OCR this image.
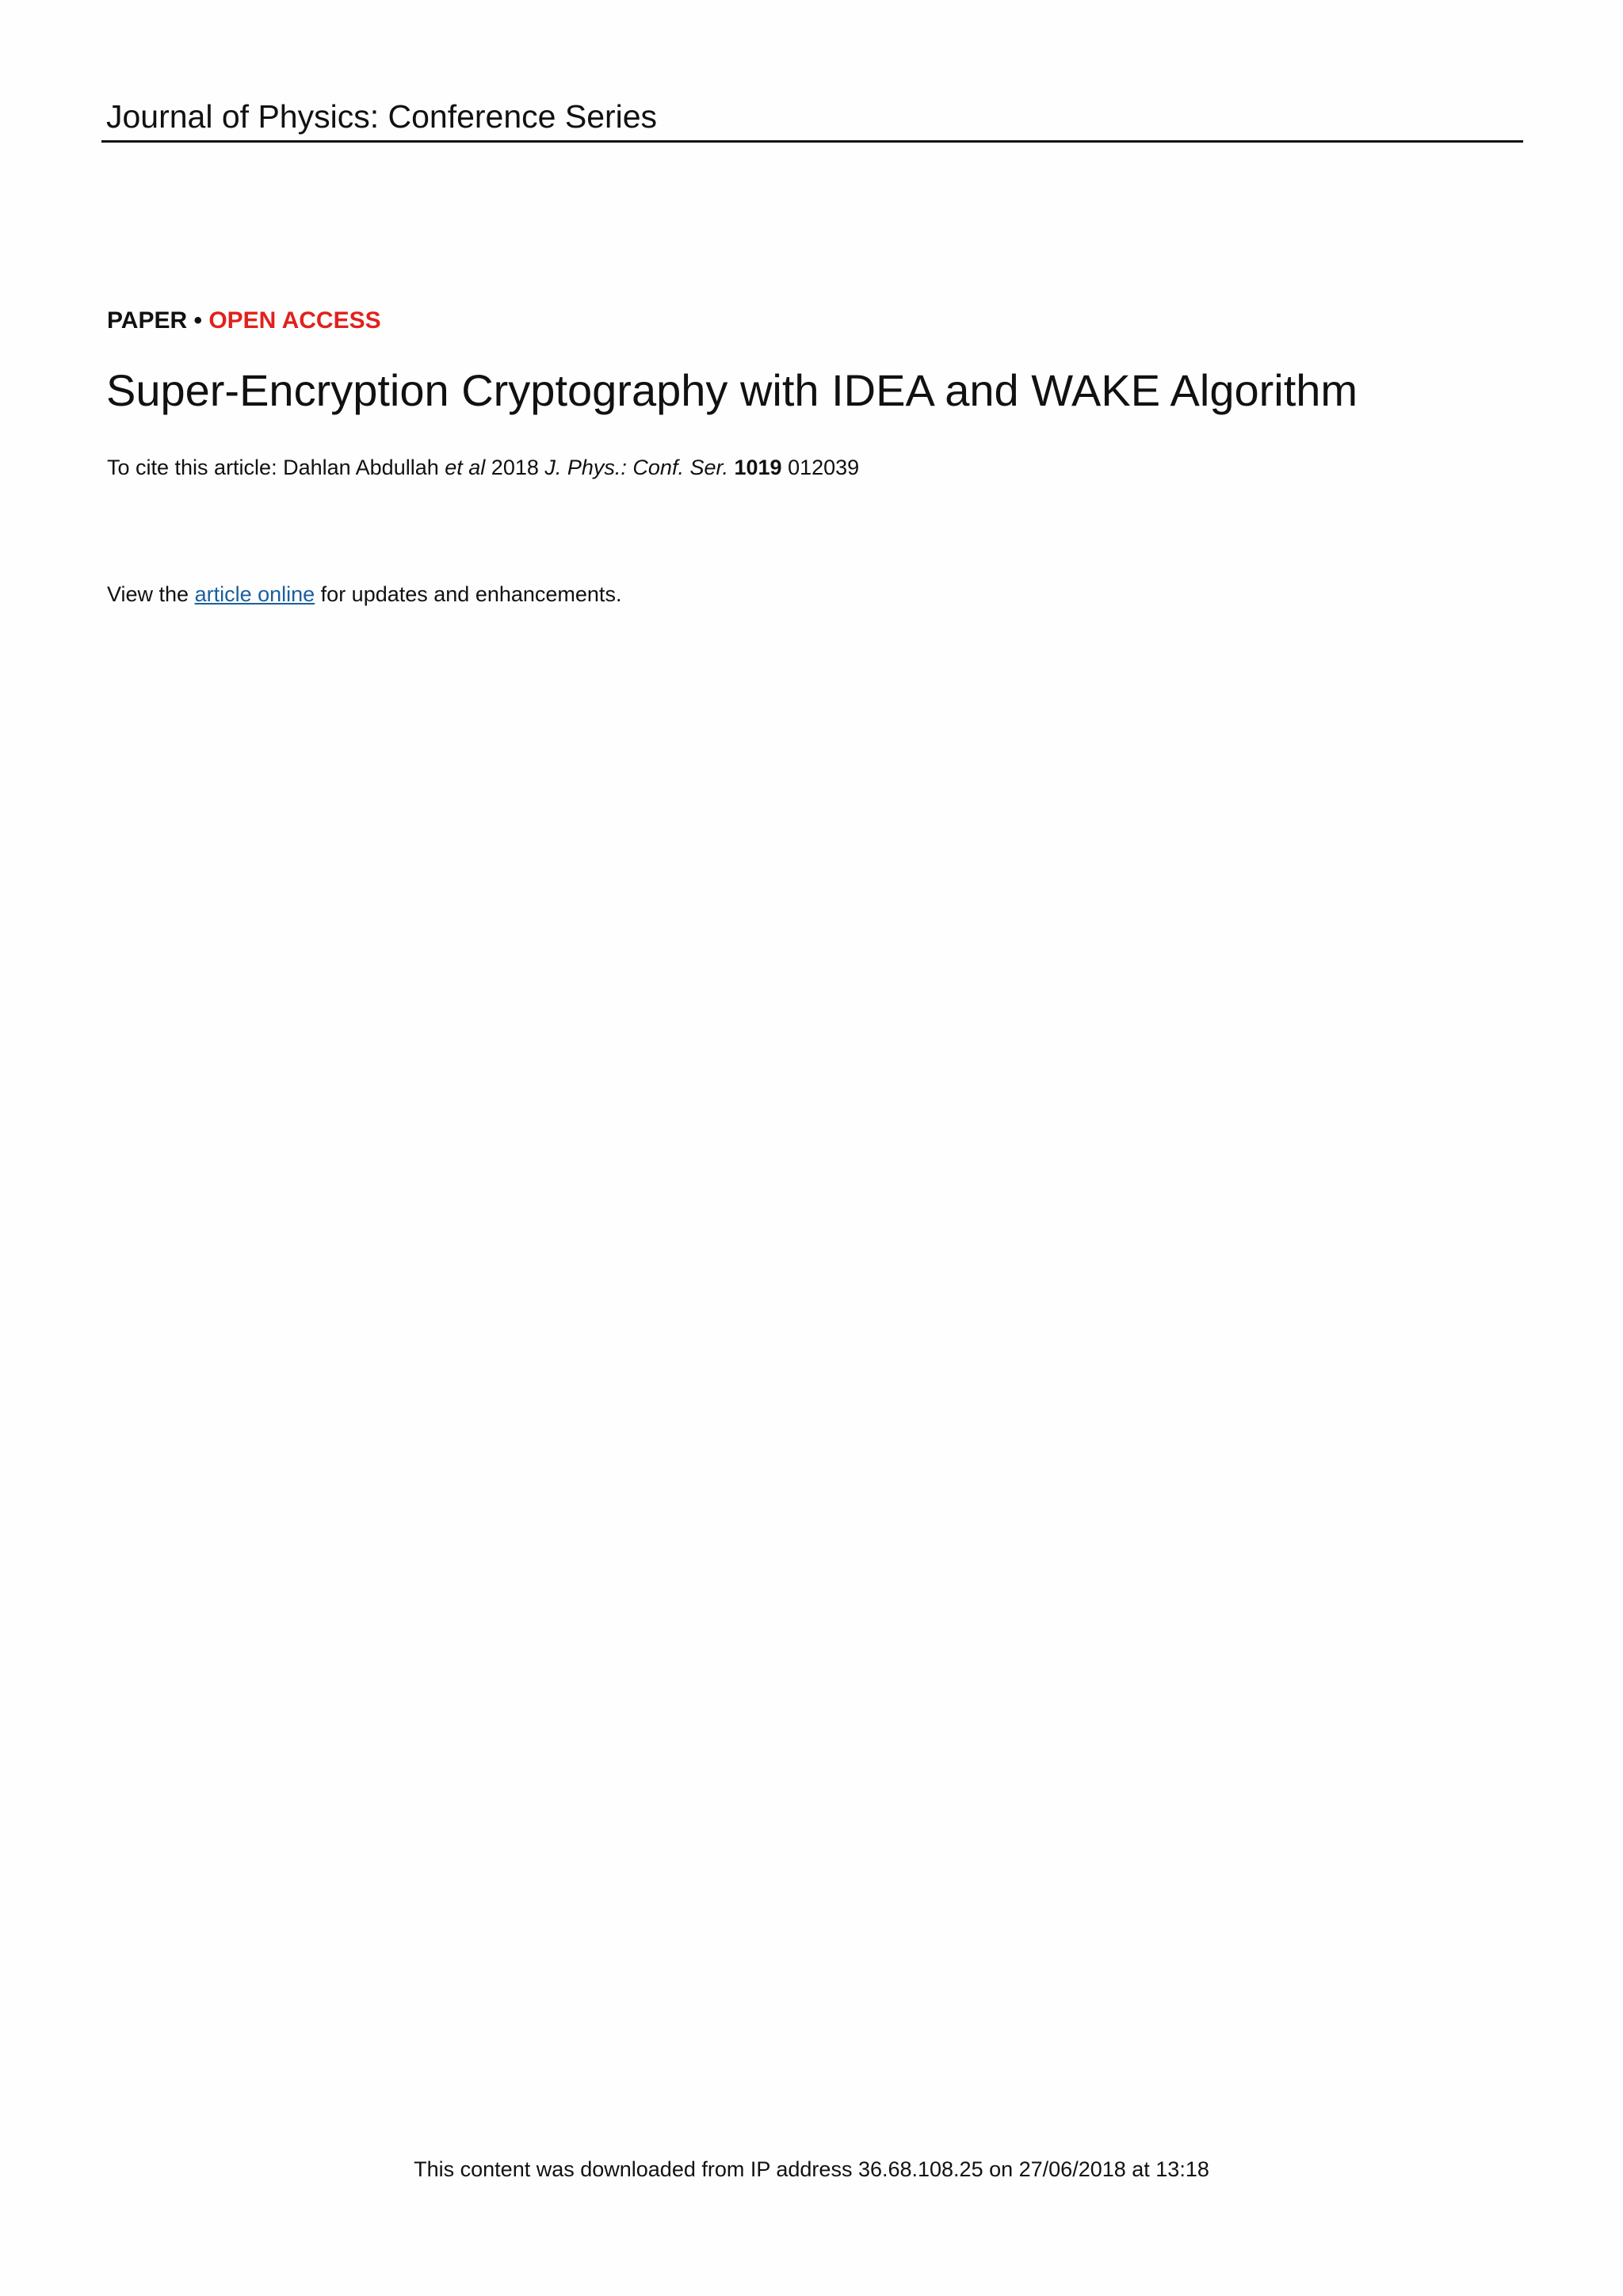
Journal of Physics: Conference Series
PAPER • OPEN ACCESS
Super-Encryption Cryptography with IDEA and WAKE Algorithm
To cite this article: Dahlan Abdullah et al 2018 J. Phys.: Conf. Ser. 1019 012039
View the article online for updates and enhancements.
This content was downloaded from IP address 36.68.108.25 on 27/06/2018 at 13:18
